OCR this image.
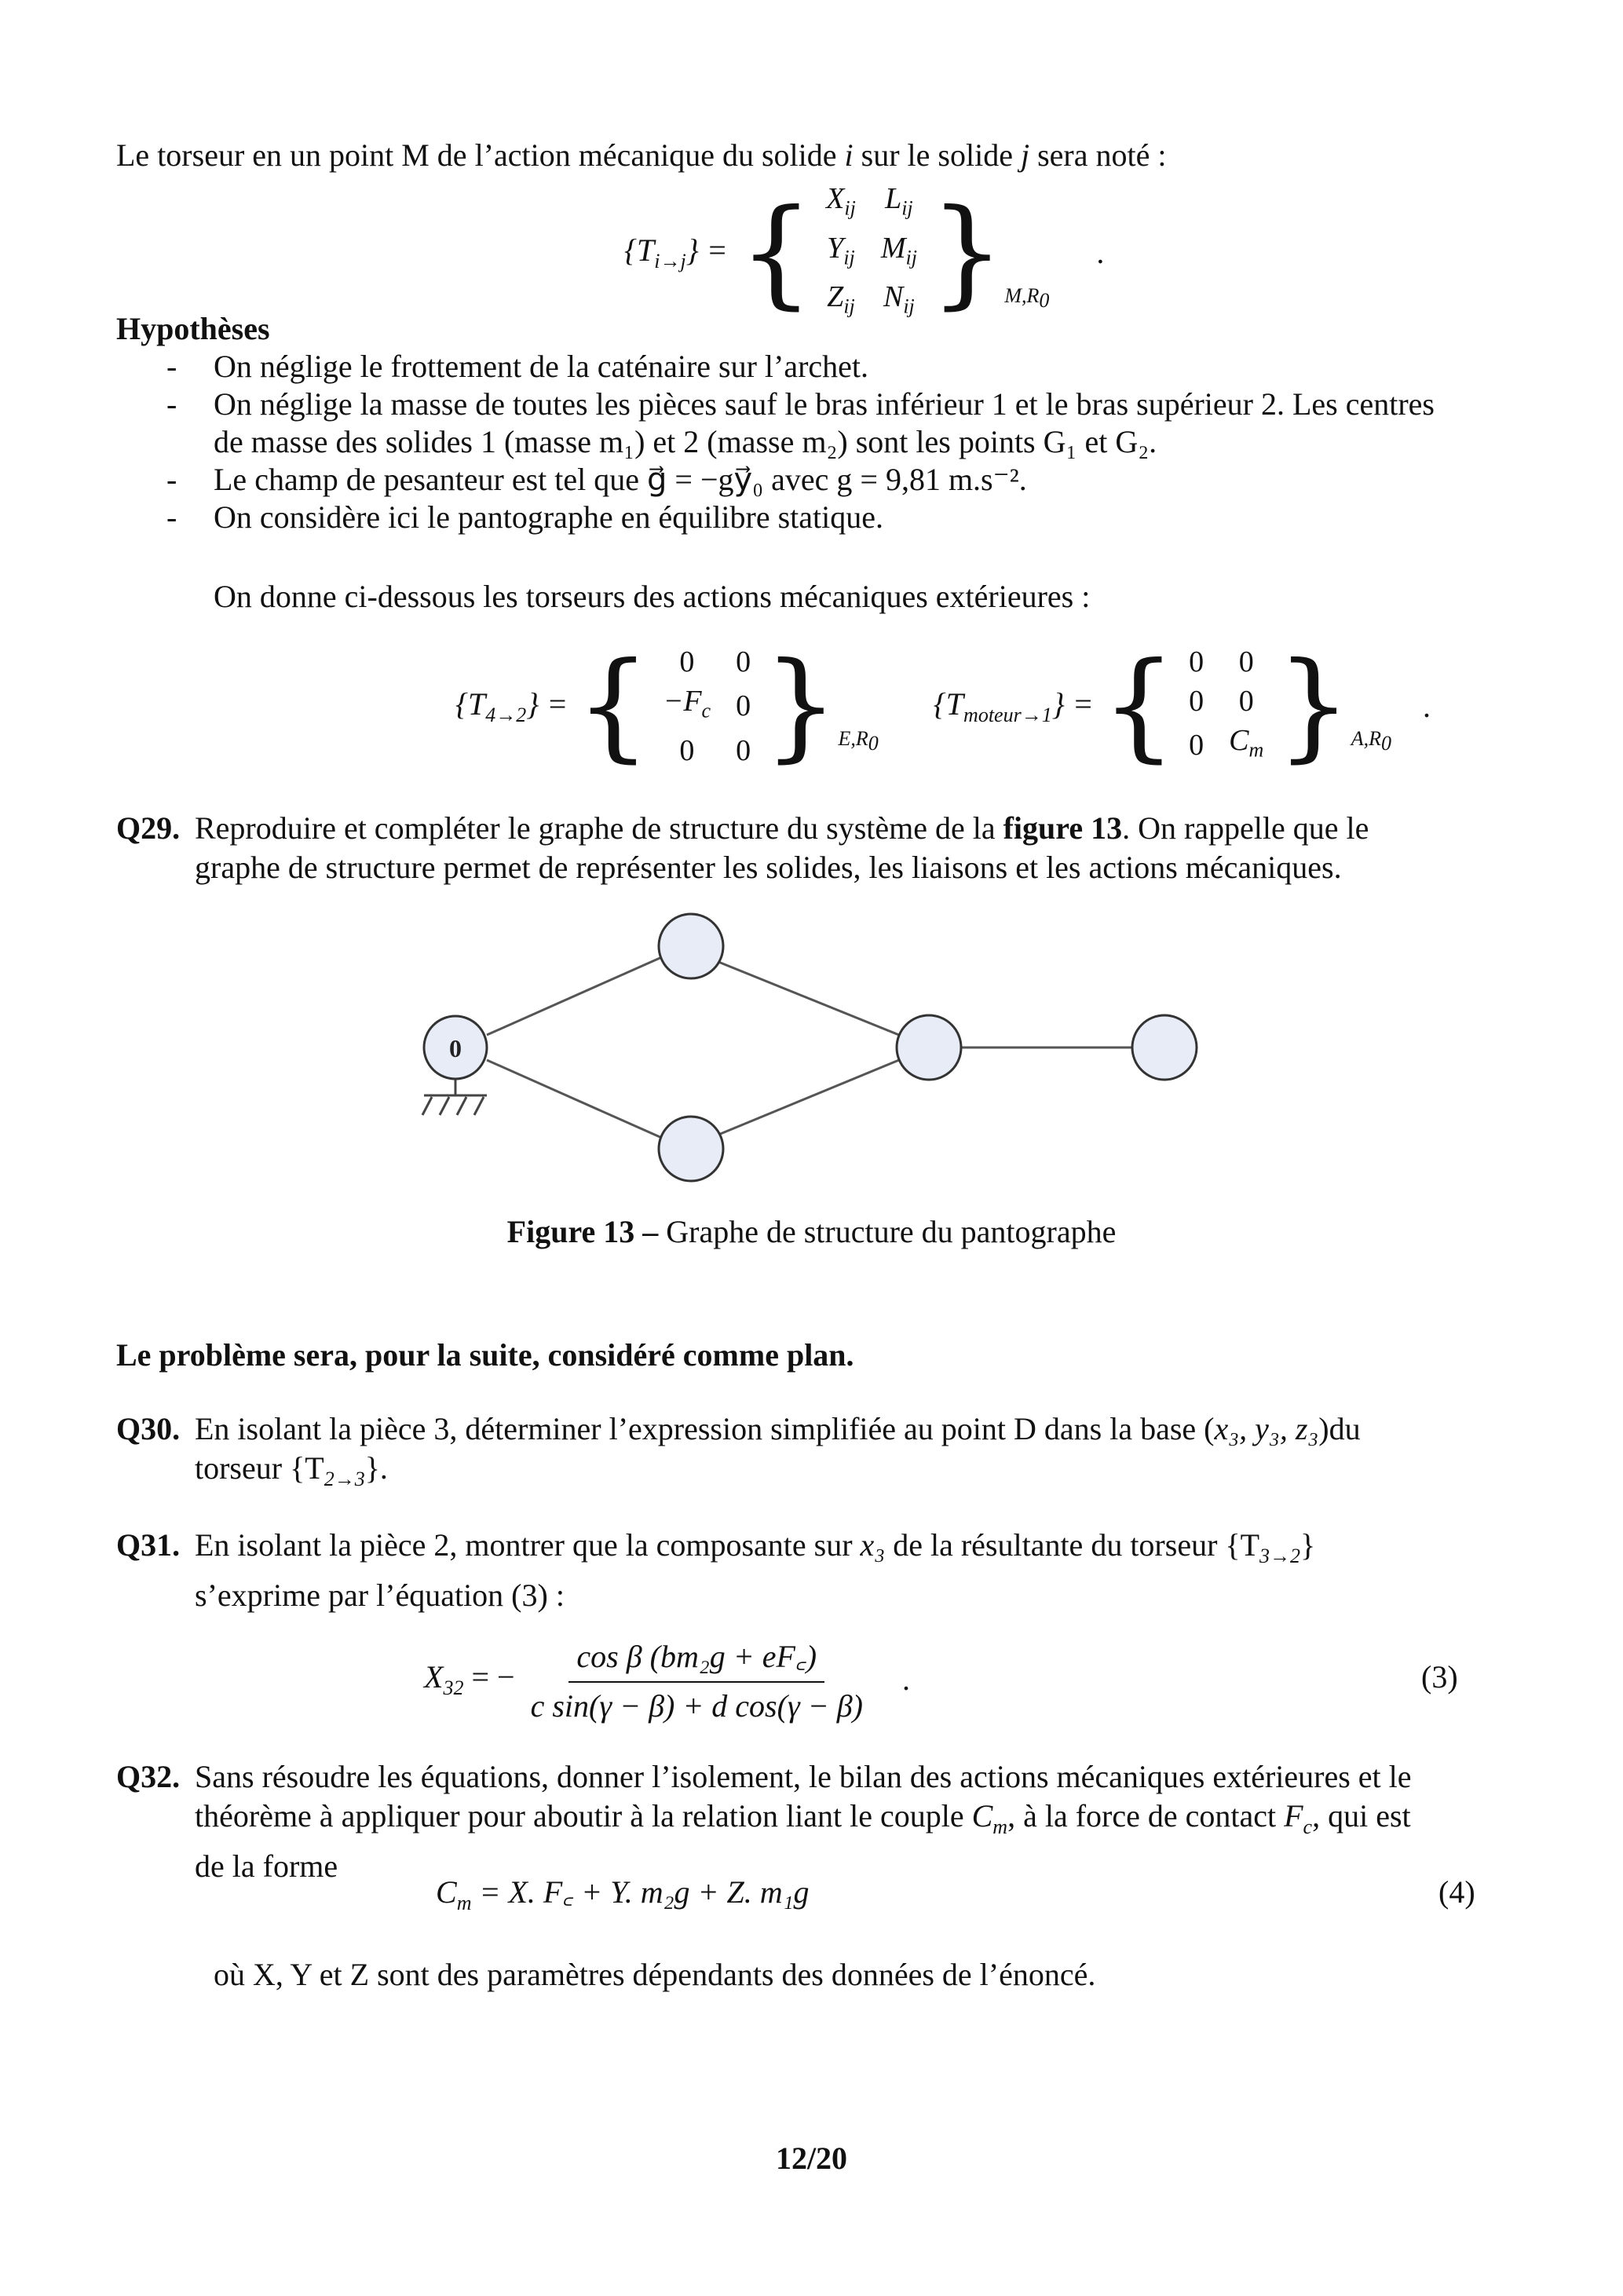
Le torseur en un point M de l’action mécanique du solide i sur le solide j sera noté :
$\{T_{i\to j}\}$ = { $X_{ij}$	$L_{ij}$
$Y_{ij}$	$M_{ij}$
$Z_{ij}$	$N_{ij}$ } $M,R_0$
.
Hypothèses
- On néglige le frottement de la caténaire sur l’archet.
- On néglige la masse de toutes les pièces sauf le bras inférieur 1 et le bras supérieur 2. Les centres
de masse des solides 1 (masse m₁) et 2 (masse m₂) sont les points G₁ et G₂.
- Le champ de pesanteur est tel que g⃗ = −gy⃗₀ avec g = 9,81 m.s⁻².
- On considère ici le pantographe en équilibre statique.
On donne ci-dessous les torseurs des actions mécaniques extérieures :
$\{T_{4\to 2}\}$ = { 0	0
$-F_c$	0
0	0 } $E,R_0$
$\{T_{moteur\to 1}\}$ = { 0	0
0	0
0	$C_m$ } $A,R_0$
.
Q29. Reproduire et compléter le graphe de structure du système de la figure 13. On rappelle que le
graphe de structure permet de représenter les solides, les liaisons et les actions mécaniques.
0
Figure 13 – Graphe de structure du pantographe
Le problème sera, pour la suite, considéré comme plan.
Q30. En isolant la pièce 3, déterminer l’expression simplifiée au point D dans la base (x₃, y₃, z₃)du
torseur $\{T_{2\to 3}\}$.
Q31. En isolant la pièce 2, montrer que la composante sur x₃ de la résultante du torseur $\{T_{3\to 2}\}$
s’exprime par l’équation (3) :
$X_{32}$ = − $\frac{\text{cos β (bm₂g + eF꜀)}}{\text{c sin(γ − β) + d cos(γ − β)}}$ .	(3)
Q32. Sans résoudre les équations, donner l’isolement, le bilan des actions mécaniques extérieures et le
théorème à appliquer pour aboutir à la relation liant le couple $C_m$, à la force de contact $F_c$, qui est
de la forme
$C_m = X$. F꜀ + Y. m₂g + Z. m₁g	(4)
où X, Y et Z sont des paramètres dépendants des données de l’énoncé.
12/20
